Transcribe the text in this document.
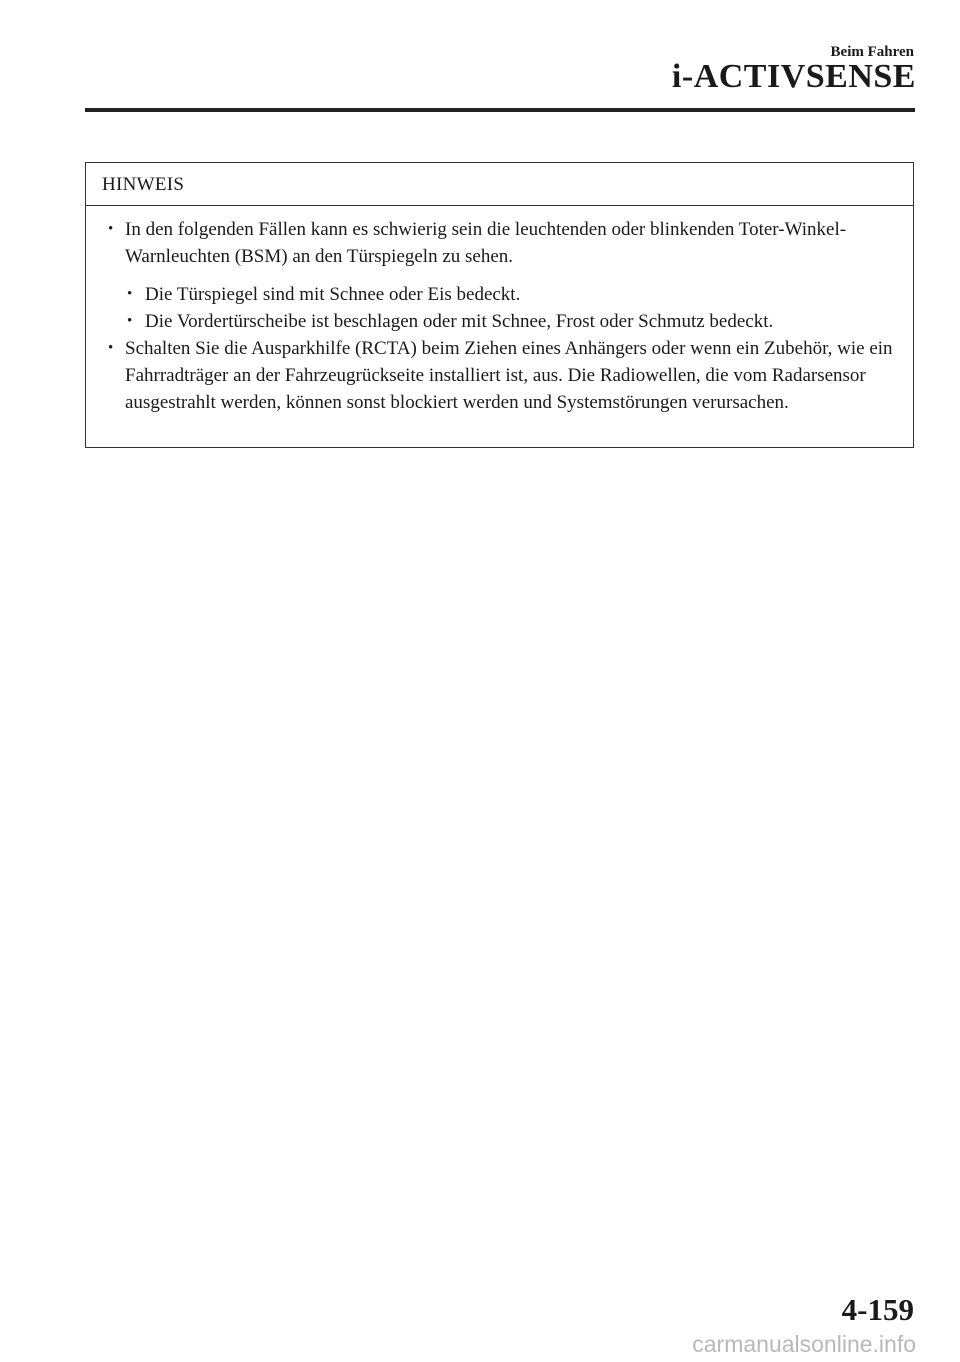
Beim Fahren
i-ACTIVSENSE
HINWEIS
• In den folgenden Fällen kann es schwierig sein die leuchtenden oder blinkenden Toter-Winkel-Warnleuchten (BSM) an den Türspiegeln zu sehen.
• Die Türspiegel sind mit Schnee oder Eis bedeckt.
• Die Vordertürscheibe ist beschlagen oder mit Schnee, Frost oder Schmutz bedeckt.
• Schalten Sie die Ausparkhilfe (RCTA) beim Ziehen eines Anhängers oder wenn ein Zubehör, wie ein Fahrradträger an der Fahrzeugrückseite installiert ist, aus. Die Radiowellen, die vom Radarsensor ausgestrahlt werden, können sonst blockiert werden und Systemstörungen verursachen.
4-159
carmanualsonline.info
